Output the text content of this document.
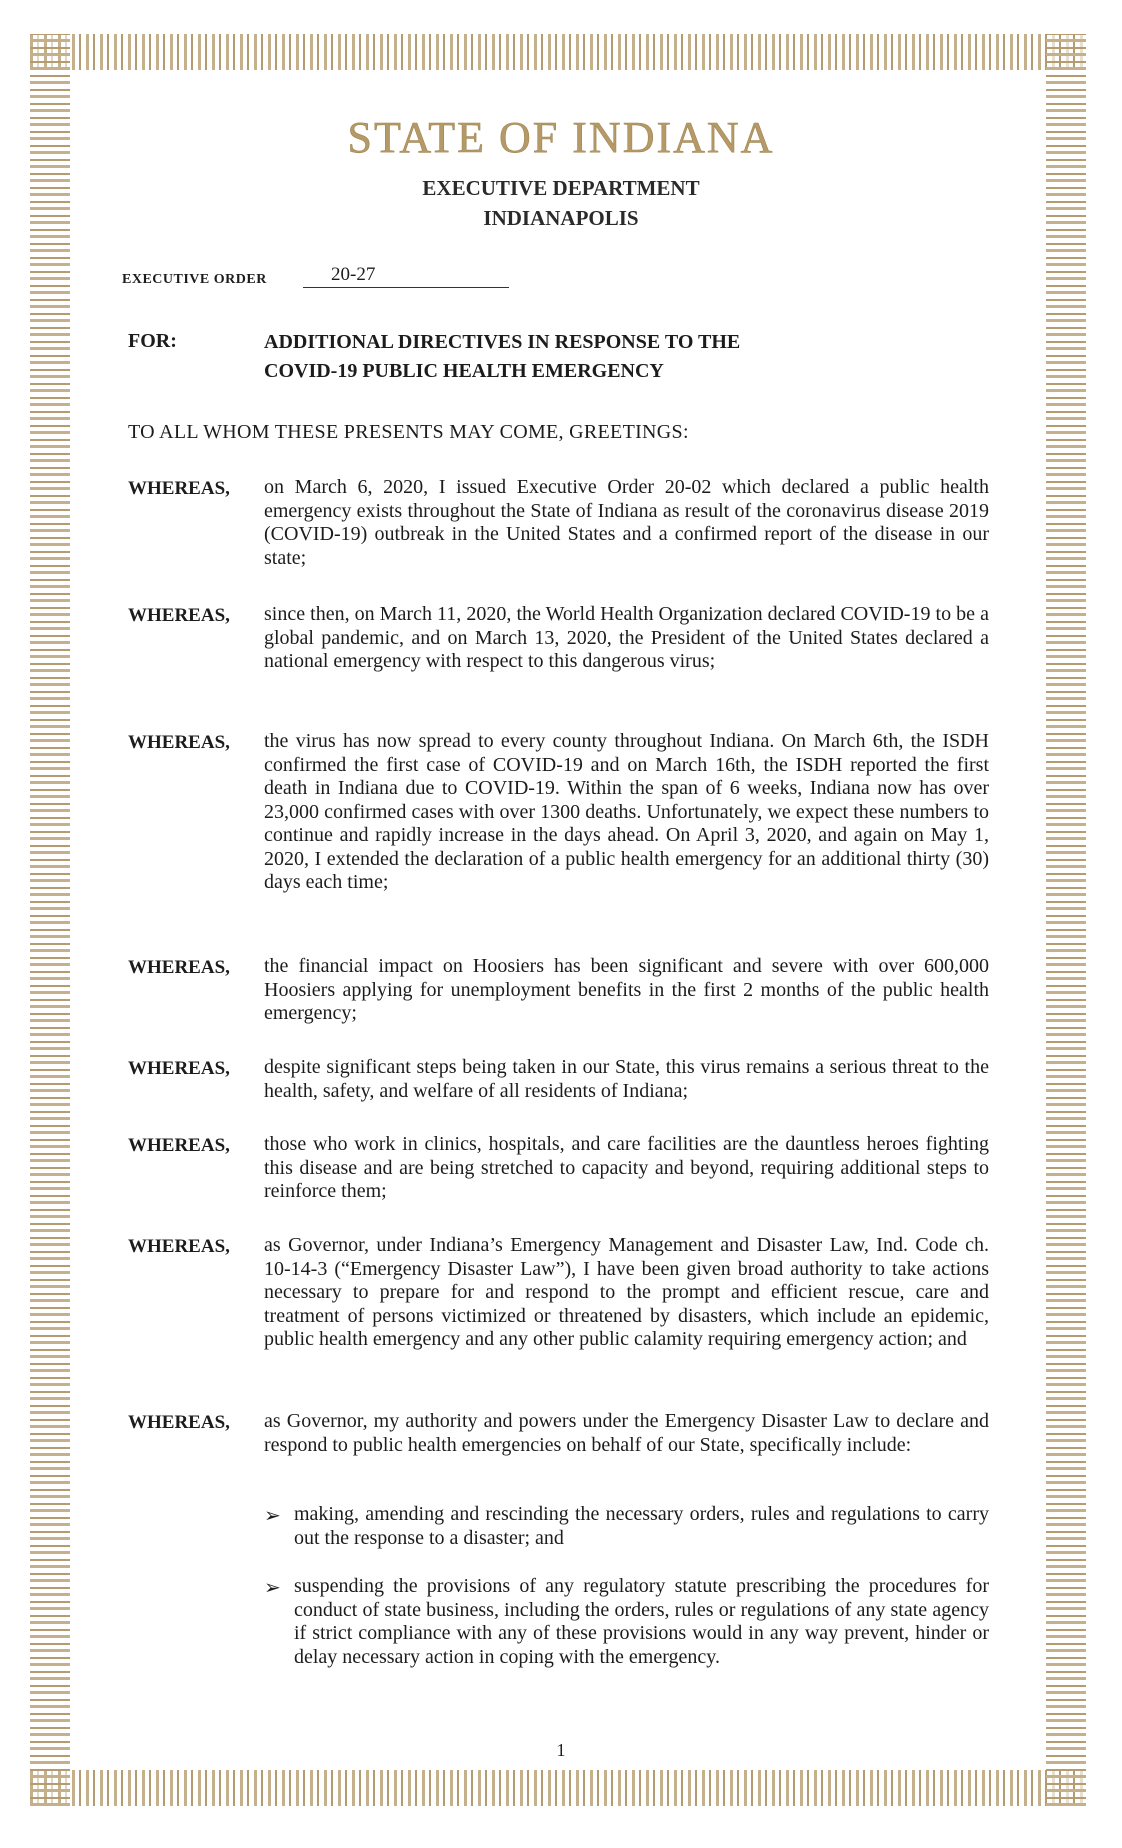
STATE OF INDIANA
EXECUTIVE DEPARTMENT
INDIANAPOLIS
EXECUTIVE ORDER	20-27
FOR:	ADDITIONAL DIRECTIVES IN RESPONSE TO THE
COVID-19 PUBLIC HEALTH EMERGENCY
TO ALL WHOM THESE PRESENTS MAY COME, GREETINGS:
WHEREAS, on March 6, 2020, I issued Executive Order 20-02 which declared a public health emergency exists throughout the State of Indiana as result of the coronavirus disease 2019 (COVID-19) outbreak in the United States and a confirmed report of the disease in our state;
WHEREAS, since then, on March 11, 2020, the World Health Organization declared COVID-19 to be a global pandemic, and on March 13, 2020, the President of the United States declared a national emergency with respect to this dangerous virus;
WHEREAS, the virus has now spread to every county throughout Indiana. On March 6th, the ISDH confirmed the first case of COVID-19 and on March 16th, the ISDH reported the first death in Indiana due to COVID-19. Within the span of 6 weeks, Indiana now has over 23,000 confirmed cases with over 1300 deaths. Unfortunately, we expect these numbers to continue and rapidly increase in the days ahead. On April 3, 2020, and again on May 1, 2020, I extended the declaration of a public health emergency for an additional thirty (30) days each time;
WHEREAS, the financial impact on Hoosiers has been significant and severe with over 600,000 Hoosiers applying for unemployment benefits in the first 2 months of the public health emergency;
WHEREAS, despite significant steps being taken in our State, this virus remains a serious threat to the health, safety, and welfare of all residents of Indiana;
WHEREAS, those who work in clinics, hospitals, and care facilities are the dauntless heroes fighting this disease and are being stretched to capacity and beyond, requiring additional steps to reinforce them;
WHEREAS, as Governor, under Indiana’s Emergency Management and Disaster Law, Ind. Code ch. 10-14-3 (“Emergency Disaster Law”), I have been given broad authority to take actions necessary to prepare for and respond to the prompt and efficient rescue, care and treatment of persons victimized or threatened by disasters, which include an epidemic, public health emergency and any other public calamity requiring emergency action; and
WHEREAS, as Governor, my authority and powers under the Emergency Disaster Law to declare and respond to public health emergencies on behalf of our State, specifically include:
➢ making, amending and rescinding the necessary orders, rules and regulations to carry out the response to a disaster; and
➢ suspending the provisions of any regulatory statute prescribing the procedures for conduct of state business, including the orders, rules or regulations of any state agency if strict compliance with any of these provisions would in any way prevent, hinder or delay necessary action in coping with the emergency.
1
